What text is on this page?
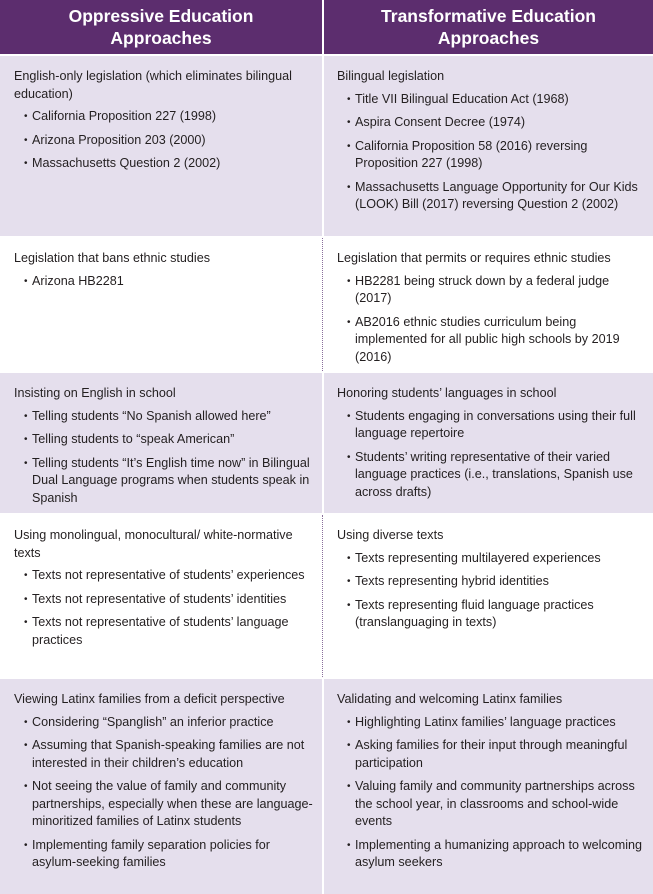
Oppressive Education
Approaches
Transformative Education
Approaches
English-only legislation (which eliminates bilingual education)
• California Proposition 227 (1998)
• Arizona Proposition 203 (2000)
• Massachusetts Question 2 (2002)
Bilingual legislation
• Title VII Bilingual Education Act (1968)
• Aspira Consent Decree (1974)
• California Proposition 58 (2016) reversing Proposition 227 (1998)
• Massachusetts Language Opportunity for Our Kids (LOOK) Bill (2017) reversing Question 2 (2002)
Legislation that bans ethnic studies
• Arizona HB2281
Legislation that permits or requires ethnic studies
• HB2281 being struck down by a federal judge (2017)
• AB2016 ethnic studies curriculum being implemented for all public high schools by 2019 (2016)
Insisting on English in school
• Telling students “No Spanish allowed here”
• Telling students to “speak American”
• Telling students “It’s English time now” in Bilingual Dual Language programs when students speak in Spanish
Honoring students’ languages in school
• Students engaging in conversations using their full language repertoire
• Students’ writing representative of their varied language practices (i.e., translations, Spanish use across drafts)
Using monolingual, monocultural/ white-normative texts
• Texts not representative of students’ experiences
• Texts not representative of students’ identities
• Texts not representative of students’ language practices
Using diverse texts
• Texts representing multilayered experiences
• Texts representing hybrid identities
• Texts representing fluid language practices (translanguaging in texts)
Viewing Latinx families from a deficit perspective
• Considering “Spanglish” an inferior practice
• Assuming that Spanish-speaking families are not interested in their children’s education
• Not seeing the value of family and community partnerships, especially when these are language-minoritized families of Latinx students
• Implementing family separation policies for asylum-seeking families
Validating and welcoming Latinx families
• Highlighting Latinx families’ language practices
• Asking families for their input through meaningful participation
• Valuing family and community partnerships across the school year, in classrooms and school-wide events
• Implementing a humanizing approach to welcoming asylum seekers
